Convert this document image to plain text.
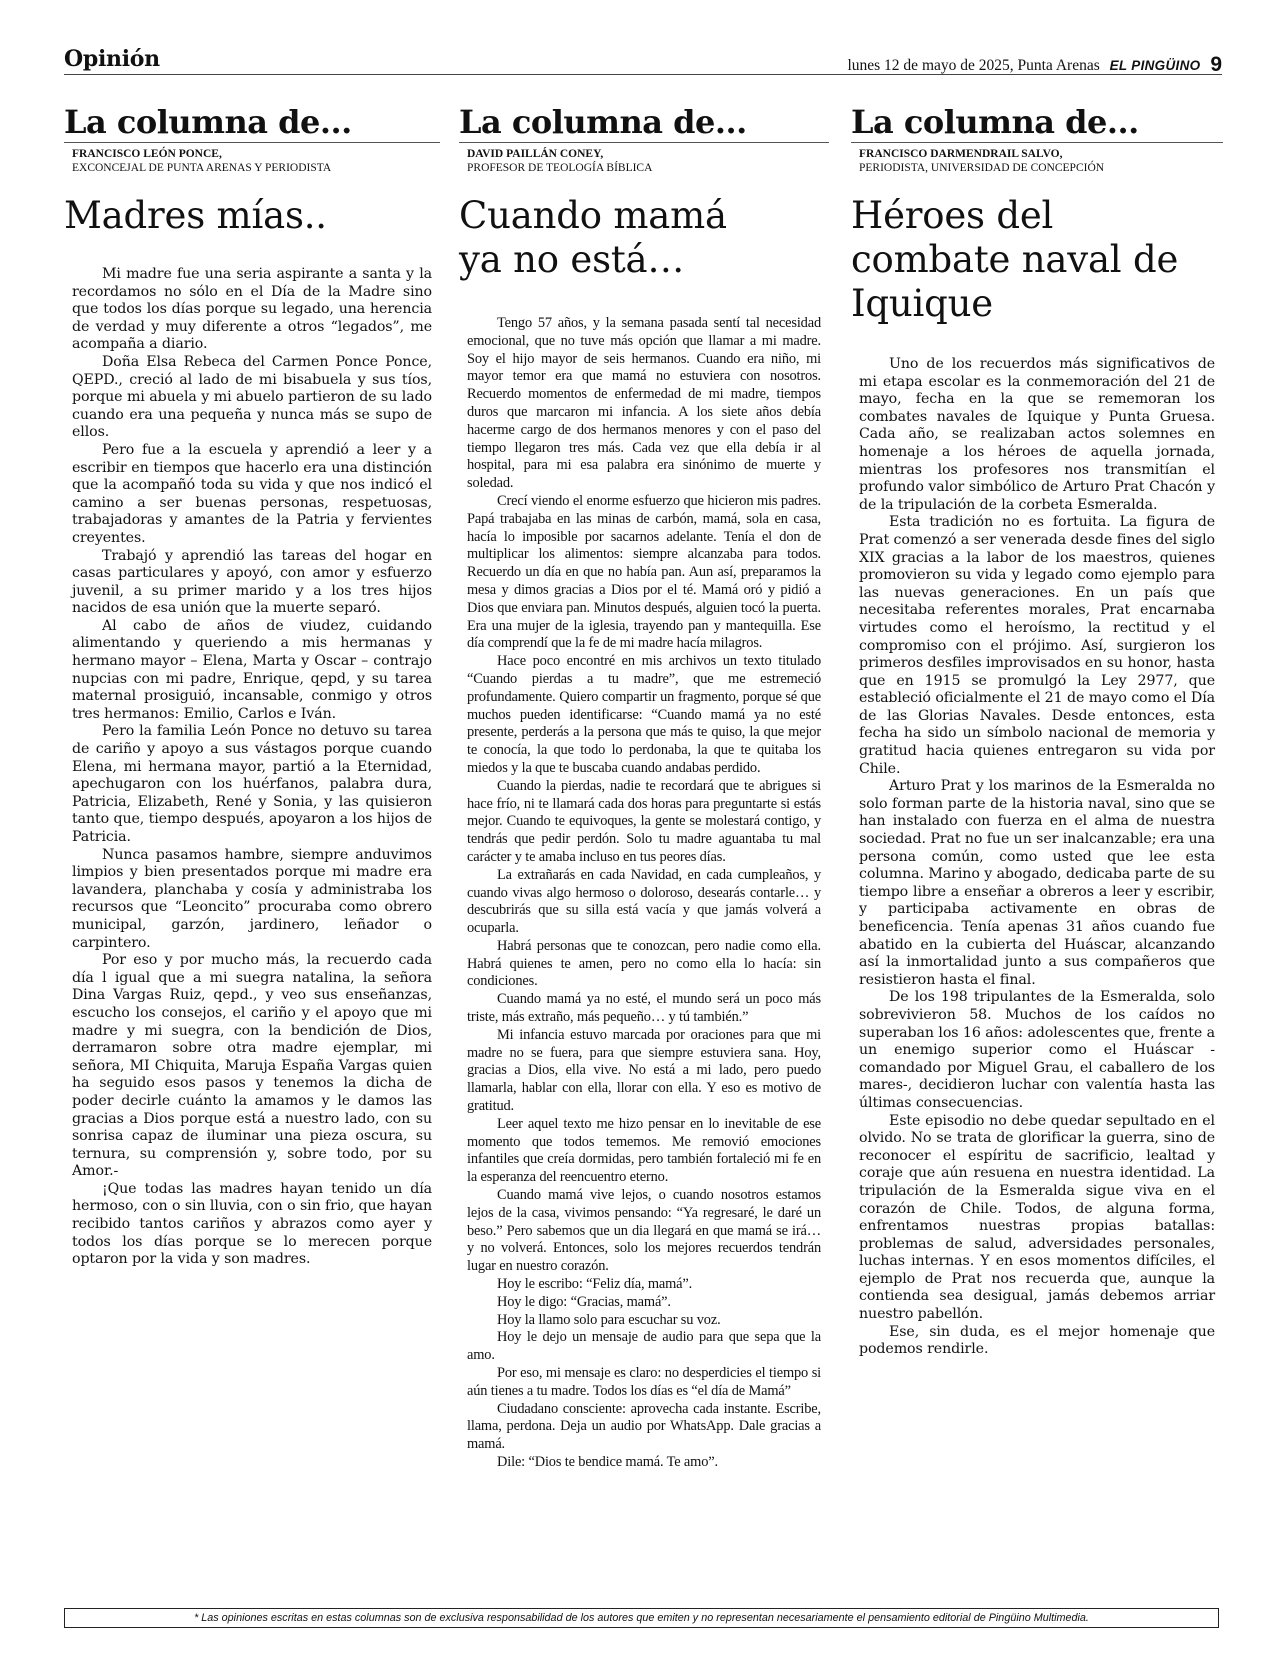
Opinión	lunes 12 de mayo de 2025, Punta Arenas EL PINGÜINO 9
La columna de...
FRANCISCO LEÓN PONCE,
EXCONCEJAL DE PUNTA ARENAS Y PERIODISTA
Madres mías..

Mi madre fue una seria aspirante a santa y la recordamos no sólo en el Día de la Madre sino que todos los días porque su legado, una herencia de verdad y muy diferente a otros “legados”, me acompaña a diario.

Doña Elsa Rebeca del Carmen Ponce Ponce, QEPD., creció al lado de mi bisabuela y sus tíos, porque mi abuela y mi abuelo partieron de su lado cuando era una pequeña y nunca más se supo de ellos.

Pero fue a la escuela y aprendió a leer y a escribir en tiempos que hacerlo era una distinción que la acompañó toda su vida y que nos indicó el camino a ser buenas personas, respetuosas, trabajadoras y amantes de la Patria y fervientes creyentes.

Trabajó y aprendió las tareas del hogar en casas particulares y apoyó, con amor y esfuerzo juvenil, a su primer marido y a los tres hijos nacidos de esa unión que la muerte separó.

Al cabo de años de viudez, cuidando alimentando y queriendo a mis hermanas y hermano mayor – Elena, Marta y Oscar – contrajo nupcias con mi padre, Enrique, qepd, y su tarea maternal prosiguió, incansable, conmigo y otros tres hermanos: Emilio, Carlos e Iván.

Pero la familia León Ponce no detuvo su tarea de cariño y apoyo a sus vástagos porque cuando Elena, mi hermana mayor, partió a la Eternidad, apechugaron con los huérfanos, palabra dura, Patricia, Elizabeth, René y Sonia, y las quisieron tanto que, tiempo después, apoyaron a los hijos de Patricia.

Nunca pasamos hambre, siempre anduvimos limpios y bien presentados porque mi madre era lavandera, planchaba y cosía y administraba los recursos que “Leoncito” procuraba como obrero municipal, garzón, jardinero, leñador o carpintero.

Por eso y por mucho más, la recuerdo cada día l igual que a mi suegra natalina, la señora Dina Vargas Ruiz, qepd., y veo sus enseñanzas, escucho los consejos, el cariño y el apoyo que mi madre y mi suegra, con la bendición de Dios, derramaron sobre otra madre ejemplar, mi señora, MI Chiquita, Maruja España Vargas quien ha seguido esos pasos y tenemos la dicha de poder decirle cuánto la amamos y le damos las gracias a Dios porque está a nuestro lado, con su sonrisa capaz de iluminar una pieza oscura, su ternura, su comprensión y, sobre todo, por su Amor.-

¡Que todas las madres hayan tenido un día hermoso, con o sin lluvia, con o sin frio, que hayan recibido tantos cariños y abrazos como ayer y todos los días porque se lo merecen porque optaron por la vida y son madres.

La columna de...
DAVID PAILLÁN CONEY,
PROFESOR DE TEOLOGÍA BÍBLICA
Cuando mamá ya no está…

Tengo 57 años, y la semana pasada sentí tal necesidad emocional, que no tuve más opción que llamar a mi madre. Soy el hijo mayor de seis hermanos. Cuando era niño, mi mayor temor era que mamá no estuviera con nosotros. Recuerdo momentos de enfermedad de mi madre, tiempos duros que marcaron mi infancia. A los siete años debía hacerme cargo de dos hermanos menores y con el paso del tiempo llegaron tres más. Cada vez que ella debía ir al hospital, para mi esa palabra era sinónimo de muerte y soledad.

Crecí viendo el enorme esfuerzo que hicieron mis padres. Papá trabajaba en las minas de carbón, mamá, sola en casa, hacía lo imposible por sacarnos adelante. Tenía el don de multiplicar los alimentos: siempre alcanzaba para todos. Recuerdo un día en que no había pan. Aun así, preparamos la mesa y dimos gracias a Dios por el té. Mamá oró y pidió a Dios que enviara pan. Minutos después, alguien tocó la puerta. Era una mujer de la iglesia, trayendo pan y mantequilla. Ese día comprendí que la fe de mi madre hacía milagros.

Hace poco encontré en mis archivos un texto titulado “Cuando pierdas a tu madre”, que me estremeció profundamente. Quiero compartir un fragmento, porque sé que muchos pueden identificarse: “Cuando mamá ya no esté presente, perderás a la persona que más te quiso, la que mejor te conocía, la que todo lo perdonaba, la que te quitaba los miedos y la que te buscaba cuando andabas perdido.

Cuando la pierdas, nadie te recordará que te abrigues si hace frío, ni te llamará cada dos horas para preguntarte si estás mejor. Cuando te equivoques, la gente se molestará contigo, y tendrás que pedir perdón. Solo tu madre aguantaba tu mal carácter y te amaba incluso en tus peores días.

La extrañarás en cada Navidad, en cada cumpleaños, y cuando vivas algo hermoso o doloroso, desearás contarle… y descubrirás que su silla está vacía y que jamás volverá a ocuparla.

Habrá personas que te conozcan, pero nadie como ella. Habrá quienes te amen, pero no como ella lo hacía: sin condiciones.

Cuando mamá ya no esté, el mundo será un poco más triste, más extraño, más pequeño… y tú también.”

Mi infancia estuvo marcada por oraciones para que mi madre no se fuera, para que siempre estuviera sana. Hoy, gracias a Dios, ella vive. No está a mi lado, pero puedo llamarla, hablar con ella, llorar con ella. Y eso es motivo de gratitud.

Leer aquel texto me hizo pensar en lo inevitable de ese momento que todos tememos. Me removió emociones infantiles que creía dormidas, pero también fortaleció mi fe en la esperanza del reencuentro eterno.

Cuando mamá vive lejos, o cuando nosotros estamos lejos de la casa, vivimos pensando: “Ya regresaré, le daré un beso.” Pero sabemos que un dia llegará en que mamá se irá… y no volverá. Entonces, solo los mejores recuerdos tendrán lugar en nuestro corazón.

Hoy le escribo: “Feliz día, mamá”.

Hoy le digo: “Gracias, mamá”.

Hoy la llamo solo para escuchar su voz.

Hoy le dejo un mensaje de audio para que sepa que la amo.

Por eso, mi mensaje es claro: no desperdicies el tiempo si aún tienes a tu madre. Todos los días es “el día de Mamá”

Ciudadano consciente: aprovecha cada instante. Escribe, llama, perdona. Deja un audio por WhatsApp. Dale gracias a mamá.

Dile: “Dios te bendice mamá. Te amo”.

La columna de...
FRANCISCO DARMENDRAIL SALVO,
PERIODISTA, UNIVERSIDAD DE CONCEPCIÓN
Héroes del combate naval de Iquique

Uno de los recuerdos más significativos de mi etapa escolar es la conmemoración del 21 de mayo, fecha en la que se rememoran los combates navales de Iquique y Punta Gruesa. Cada año, se realizaban actos solemnes en homenaje a los héroes de aquella jornada, mientras los profesores nos transmitían el profundo valor simbólico de Arturo Prat Chacón y de la tripulación de la corbeta Esmeralda.

Esta tradición no es fortuita. La figura de Prat comenzó a ser venerada desde fines del siglo XIX gracias a la labor de los maestros, quienes promovieron su vida y legado como ejemplo para las nuevas generaciones. En un país que necesitaba referentes morales, Prat encarnaba virtudes como el heroísmo, la rectitud y el compromiso con el prójimo. Así, surgieron los primeros desfiles improvisados en su honor, hasta que en 1915 se promulgó la Ley 2977, que estableció oficialmente el 21 de mayo como el Día de las Glorias Navales. Desde entonces, esta fecha ha sido un símbolo nacional de memoria y gratitud hacia quienes entregaron su vida por Chile.

Arturo Prat y los marinos de la Esmeralda no solo forman parte de la historia naval, sino que se han instalado con fuerza en el alma de nuestra sociedad. Prat no fue un ser inalcanzable; era una persona común, como usted que lee esta columna. Marino y abogado, dedicaba parte de su tiempo libre a enseñar a obreros a leer y escribir, y participaba activamente en obras de beneficencia. Tenía apenas 31 años cuando fue abatido en la cubierta del Huáscar, alcanzando así la inmortalidad junto a sus compañeros que resistieron hasta el final.

De los 198 tripulantes de la Esmeralda, solo sobrevivieron 58. Muchos de los caídos no superaban los 16 años: adolescentes que, frente a un enemigo superior como el Huáscar -comandado por Miguel Grau, el caballero de los mares-, decidieron luchar con valentía hasta las últimas consecuencias.

Este episodio no debe quedar sepultado en el olvido. No se trata de glorificar la guerra, sino de reconocer el espíritu de sacrificio, lealtad y coraje que aún resuena en nuestra identidad. La tripulación de la Esmeralda sigue viva en el corazón de Chile. Todos, de alguna forma, enfrentamos nuestras propias batallas: problemas de salud, adversidades personales, luchas internas. Y en esos momentos difíciles, el ejemplo de Prat nos recuerda que, aunque la contienda sea desigual, jamás debemos arriar nuestro pabellón.

Ese, sin duda, es el mejor homenaje que podemos rendirle.

* Las opiniones escritas en estas columnas son de exclusiva responsabilidad de los autores que emiten y no representan necesariamente el pensamiento editorial de Pingüino Multimedia.
